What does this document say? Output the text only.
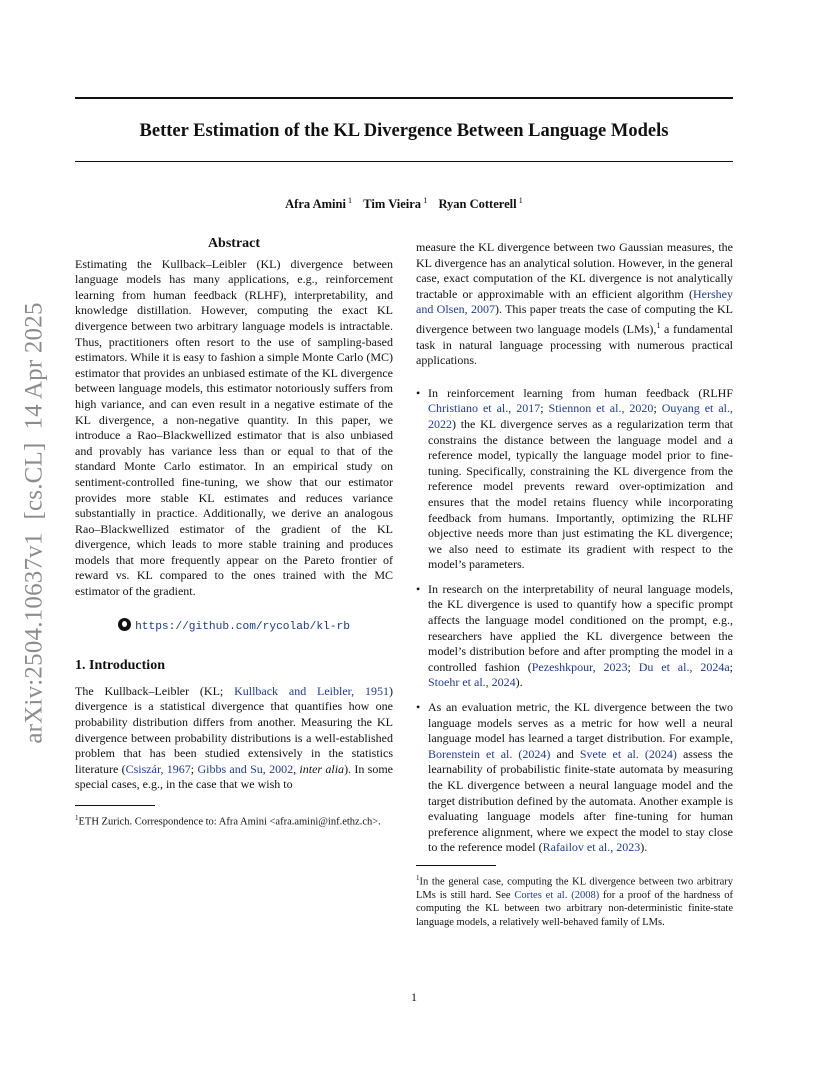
Better Estimation of the KL Divergence Between Language Models
Afra Amini $^1$ Tim Vieira $^1$ Ryan Cotterell $^1$
arXiv:2504.10637v1  [cs.CL]  14 Apr 2025
Abstract

Estimating the Kullback–Leibler (KL) divergence between language models has many applications, e.g., reinforcement learning from human feedback (RLHF), interpretability, and knowledge distillation. However, computing the exact KL divergence between two arbitrary language models is intractable. Thus, practitioners often resort to the use of sampling-based estimators. While it is easy to fashion a simple Monte Carlo (MC) estimator that provides an unbiased estimate of the KL divergence between language models, this estimator notoriously suffers from high variance, and can even result in a negative estimate of the KL divergence, a non-negative quantity. In this paper, we introduce a Rao–Blackwellized estimator that is also unbiased and provably has variance less than or equal to that of the standard Monte Carlo estimator. In an empirical study on sentiment-controlled fine-tuning, we show that our estimator provides more stable KL estimates and reduces variance substantially in practice. Additionally, we derive an analogous Rao–Blackwellized estimator of the gradient of the KL divergence, which leads to more stable training and produces models that more frequently appear on the Pareto frontier of reward vs. KL compared to the ones trained with the MC estimator of the gradient.

https://github.com/rycolab/kl-rb
1. Introduction

The Kullback–Leibler (KL; Kullback and Leibler, 1951) divergence is a statistical divergence that quantifies how one probability distribution differs from another. Measuring the KL divergence between probability distributions is a well-established problem that has been studied extensively in the statistics literature (Csiszár, 1967; Gibbs and Su, 2002, inter alia). In some special cases, e.g., in the case that we wish to

$^1$ETH Zurich. Correspondence to: Afra Amini <afra.amini@inf.ethz.ch>.

measure the KL divergence between two Gaussian measures, the KL divergence has an analytical solution. However, in the general case, exact computation of the KL divergence is not analytically tractable or approximable with an efficient algorithm (Hershey and Olsen, 2007). This paper treats the case of computing the KL divergence between two language models (LMs),$^1$ a fundamental task in natural language processing with numerous practical applications.

• In reinforcement learning from human feedback (RLHF Christiano et al., 2017; Stiennon et al., 2020; Ouyang et al., 2022) the KL divergence serves as a regularization term that constrains the distance between the language model and a reference model, typically the language model prior to fine-tuning. Specifically, constraining the KL divergence from the reference model prevents reward over-optimization and ensures that the model retains fluency while incorporating feedback from humans. Importantly, optimizing the RLHF objective needs more than just estimating the KL divergence; we also need to estimate its gradient with respect to the model’s parameters.
• In research on the interpretability of neural language models, the KL divergence is used to quantify how a specific prompt affects the language model conditioned on the prompt, e.g., researchers have applied the KL divergence between the model’s distribution before and after prompting the model in a controlled fashion (Pezeshkpour, 2023; Du et al., 2024a; Stoehr et al., 2024).
• As an evaluation metric, the KL divergence between the two language models serves as a metric for how well a neural language model has learned a target distribution. For example, Borenstein et al. (2024) and Svete et al. (2024) assess the learnability of probabilistic finite-state automata by measuring the KL divergence between a neural language model and the target distribution defined by the automata. Another example is evaluating language models after fine-tuning for human preference alignment, where we expect the model to stay close to the reference model (Rafailov et al., 2023).

$^1$In the general case, computing the KL divergence between two arbitrary LMs is still hard. See Cortes et al. (2008) for a proof of the hardness of computing the KL between two arbitrary non-deterministic finite-state language models, a relatively well-behaved family of LMs.

1
